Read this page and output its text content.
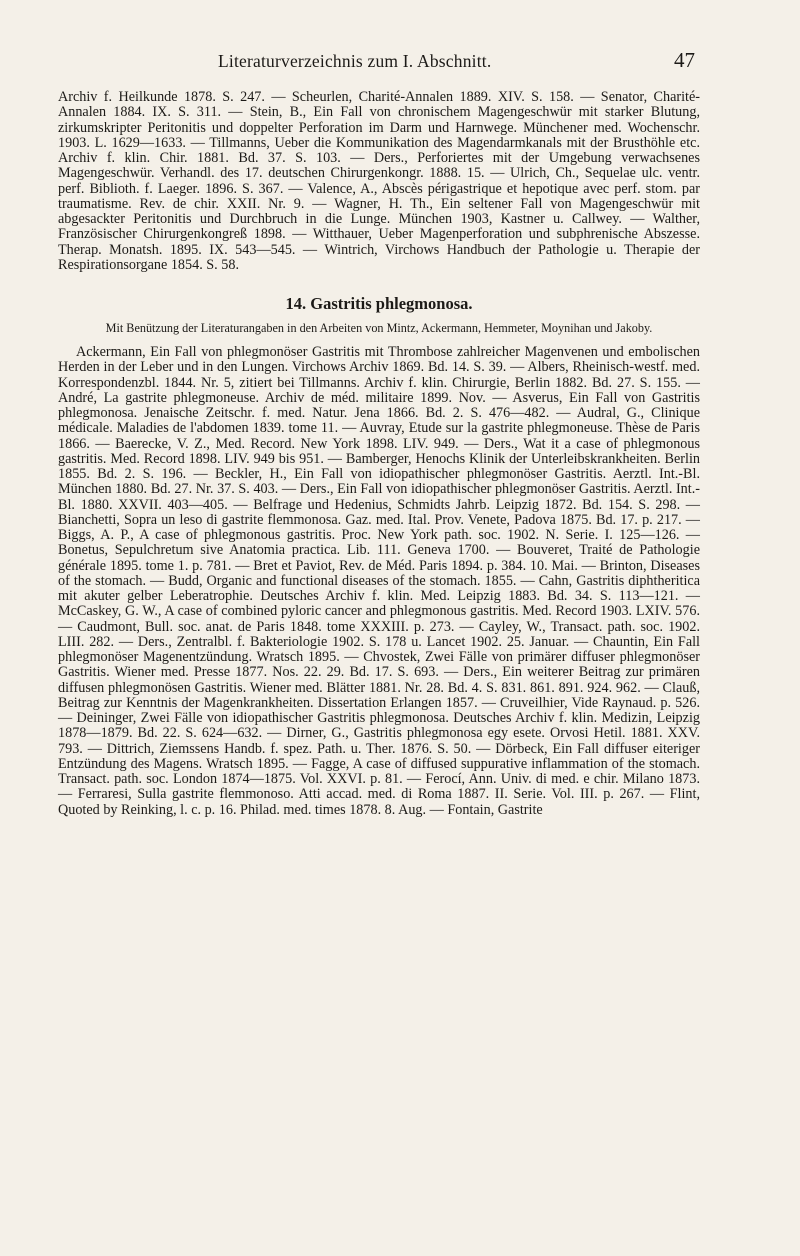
Literaturverzeichnis zum I. Abschnitt.	47

Archiv f. Heilkunde 1878. S. 247. — Scheurlen, Charité-Annalen 1889. XIV. S. 158. — Senator, Charité-Annalen 1884. IX. S. 311. — Stein, B., Ein Fall von chronischem Magengeschwür mit starker Blutung, zirkumskripter Peritonitis und doppelter Perforation im Darm und Harnwege. Münchener med. Wochenschr. 1903. L. 1629—1633. — Tillmanns, Ueber die Kommunikation des Magendarmkanals mit der Brusthöhle etc. Archiv f. klin. Chir. 1881. Bd. 37. S. 103. — Ders., Perforiertes mit der Umgebung verwachsenes Magengeschwür. Verhandl. des 17. deutschen Chirurgenkongr. 1888. 15. — Ulrich, Ch., Sequelae ulc. ventr. perf. Biblioth. f. Laeger. 1896. S. 367. — Valence, A., Abscès périgastrique et hepotique avec perf. stom. par traumatisme. Rev. de chir. XXII. Nr. 9. — Wagner, H. Th., Ein seltener Fall von Magengeschwür mit abgesackter Peritonitis und Durchbruch in die Lunge. München 1903, Kastner u. Callwey. — Walther, Französischer Chirurgenkongreß 1898. — Witthauer, Ueber Magenperforation und subphrenische Abszesse. Therap. Monatsh. 1895. IX. 543—545. — Wintrich, Virchows Handbuch der Pathologie u. Therapie der Respirationsorgane 1854. S. 58.

14. Gastritis phlegmonosa.
Mit Benützung der Literaturangaben in den Arbeiten von Mintz, Ackermann, Hemmeter, Moynihan und Jakoby.

Ackermann, Ein Fall von phlegmonöser Gastritis mit Thrombose zahlreicher Magenvenen und embolischen Herden in der Leber und in den Lungen. Virchows Archiv 1869. Bd. 14. S. 39. — Albers, Rheinisch-westf. med. Korrespondenzbl. 1844. Nr. 5, zitiert bei Tillmanns. Archiv f. klin. Chirurgie, Berlin 1882. Bd. 27. S. 155. — André, La gastrite phlegmoneuse. Archiv de méd. militaire 1899. Nov. — Asverus, Ein Fall von Gastritis phlegmonosa. Jenaische Zeitschr. f. med. Natur. Jena 1866. Bd. 2. S. 476—482. — Audral, G., Clinique médicale. Maladies de l'abdomen 1839. tome 11. — Auvray, Etude sur la gastrite phlegmoneuse. Thèse de Paris 1866. — Baerecke, V. Z., Med. Record. New York 1898. LIV. 949. — Ders., Wat it a case of phlegmonous gastritis. Med. Record 1898. LIV. 949 bis 951. — Bamberger, Henochs Klinik der Unterleibskrankheiten. Berlin 1855. Bd. 2. S. 196. — Beckler, H., Ein Fall von idiopathischer phlegmonöser Gastritis. Aerztl. Int.-Bl. München 1880. Bd. 27. Nr. 37. S. 403. — Ders., Ein Fall von idiopathischer phlegmonöser Gastritis. Aerztl. Int.-Bl. 1880. XXVII. 403—405. — Belfrage und Hedenius, Schmidts Jahrb. Leipzig 1872. Bd. 154. S. 298. — Bianchetti, Sopra un leso di gastrite flemmonosa. Gaz. med. Ital. Prov. Venete, Padova 1875. Bd. 17. p. 217. — Biggs, A. P., A case of phlegmonous gastritis. Proc. New York path. soc. 1902. N. Serie. I. 125—126. — Bonetus, Sepulchretum sive Anatomia practica. Lib. 111. Geneva 1700. — Bouveret, Traité de Pathologie générale 1895. tome 1. p. 781. — Bret et Paviot, Rev. de Méd. Paris 1894. p. 384. 10. Mai. — Brinton, Diseases of the stomach. — Budd, Organic and functional diseases of the stomach. 1855. — Cahn, Gastritis diphtheritica mit akuter gelber Leberatrophie. Deutsches Archiv f. klin. Med. Leipzig 1883. Bd. 34. S. 113—121. — McCaskey, G. W., A case of combined pyloric cancer and phlegmonous gastritis. Med. Record 1903. LXIV. 576. — Caudmont, Bull. soc. anat. de Paris 1848. tome XXXIII. p. 273. — Cayley, W., Transact. path. soc. 1902. LIII. 282. — Ders., Zentralbl. f. Bakteriologie 1902. S. 178 u. Lancet 1902. 25. Januar. — Chauntin, Ein Fall phlegmonöser Magenentzündung. Wratsch 1895. — Chvostek, Zwei Fälle von primärer diffuser phlegmonöser Gastritis. Wiener med. Presse 1877. Nos. 22. 29. Bd. 17. S. 693. — Ders., Ein weiterer Beitrag zur primären diffusen phlegmonösen Gastritis. Wiener med. Blätter 1881. Nr. 28. Bd. 4. S. 831. 861. 891. 924. 962. — Clauß, Beitrag zur Kenntnis der Magenkrankheiten. Dissertation Erlangen 1857. — Cruveilhier, Vide Raynaud. p. 526. — Deininger, Zwei Fälle von idiopathischer Gastritis phlegmonosa. Deutsches Archiv f. klin. Medizin, Leipzig 1878—1879. Bd. 22. S. 624—632. — Dirner, G., Gastritis phlegmonosa egy esete. Orvosi Hetil. 1881. XXV. 793. — Dittrich, Ziemssens Handb. f. spez. Path. u. Ther. 1876. S. 50. — Dörbeck, Ein Fall diffuser eiteriger Entzündung des Magens. Wratsch 1895. — Fagge, A case of diffused suppurative inflammation of the stomach. Transact. path. soc. London 1874—1875. Vol. XXVI. p. 81. — Ferocí, Ann. Univ. di med. e chir. Milano 1873. — Ferraresi, Sulla gastrite flemmonoso. Atti accad. med. di Roma 1887. II. Serie. Vol. III. p. 267. — Flint, Quoted by Reinking, l. c. p. 16. Philad. med. times 1878. 8. Aug. — Fontain, Gastrite
